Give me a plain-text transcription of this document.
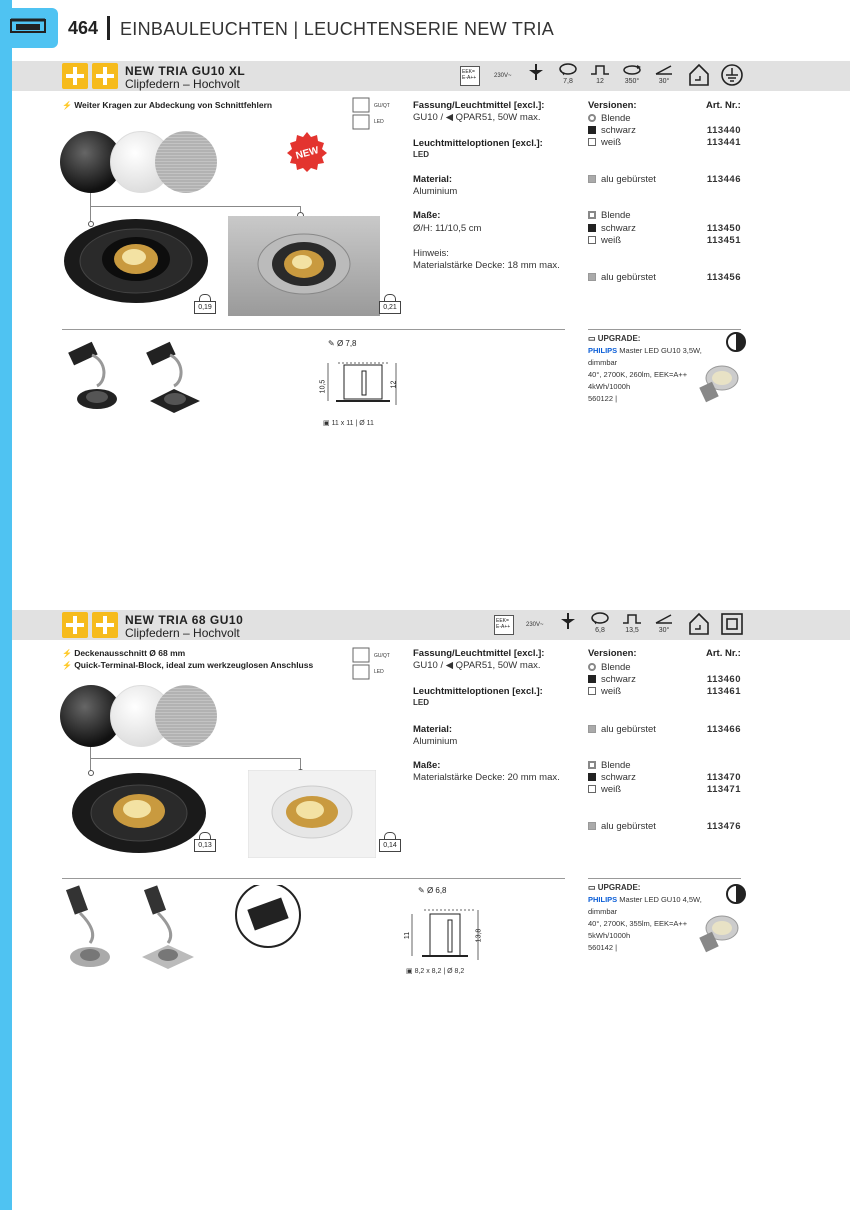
464 EINBAULEUCHTEN | LEUCHTENSERIE NEW TRIA
NEW TRIA GU10 XL
Clipfedern – Hochvolt
EEK= E-A++	230V~
7,8	12	350°	30°
⚡ Weiter Kragen zur Abdeckung von Schnittfehlern	GU/QT
LED
NEW
0,19	0,21
Fassung/Leuchtmittel [excl.]:
GU10 / ◀ QPAR51, 50W max.
Leuchtmitteloptionen [excl.]:
LED
Material:
Aluminium
Maße:
Ø/H: 11/10,5 cm
Hinweis:
Materialstärke Decke: 18 mm max.
Versionen:	Art. Nr.:
Blende
schwarz	113440
weiß	113441
alu gebürstet	113446
Blende
schwarz	113450
weiß	113451
alu gebürstet	113456
✎ Ø 7,8
10,5	12
▣ 11 x 11 | Ø 11
▭ UPGRADE:
PHILIPS Master LED GU10 3,5W,
dimmbar
40°, 2700K, 260lm, EEK=A++
4kWh/1000h
560122 |
NEW TRIA 68 GU10
Clipfedern – Hochvolt
EEK= E-A++	230V~
6,8	13,5	30°
⚡ Deckenausschnitt Ø 68 mm
⚡ Quick-Terminal-Block, ideal zum werkzeuglosen Anschluss
GU/QT
LED
0,13	0,14
Fassung/Leuchtmittel [excl.]:
GU10 / ◀ QPAR51, 50W max.
Leuchtmitteloptionen [excl.]:
LED
Material:
Aluminium
Maße:
Materialstärke Decke: 20 mm max.
Versionen:	Art. Nr.:
Blende
schwarz	113460
weiß	113461
alu gebürstet	113466
Blende
schwarz	113470
weiß	113471
alu gebürstet	113476
✎ Ø 6,8
11	13,8
▣ 8,2 x 8,2 | Ø 8,2
▭ UPGRADE:
PHILIPS Master LED GU10 4,5W,
dimmbar
40°, 2700K, 355lm, EEK=A++
5kWh/1000h
560142 |
